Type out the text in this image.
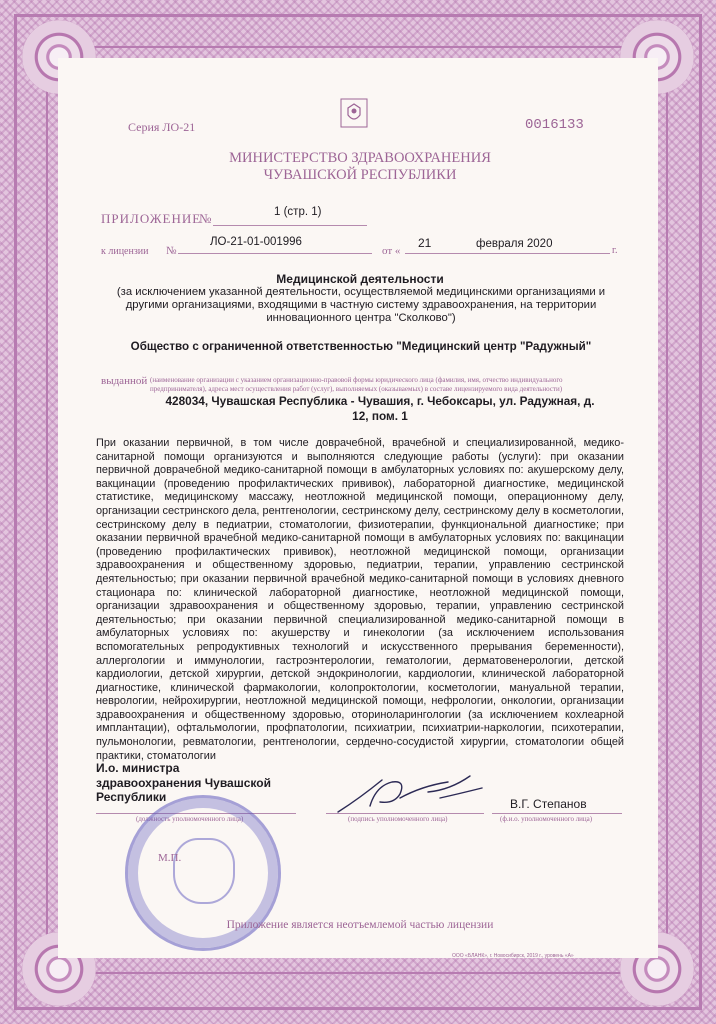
Серия ЛО-21	0016133
МИНИСТЕРСТВО ЗДРАВООХРАНЕНИЯ
ЧУВАШСКОЙ РЕСПУБЛИКИ
ПРИЛОЖЕНИЕ
№	1 (стр. 1)
к лицензии №
ЛО-21-01-001996
от «
21	февраля 2020
г.
Медицинской деятельности
(за исключением указанной деятельности, осуществляемой медицинскими организациями и другими организациями, входящими в частную систему здравоохранения, на территории инновационного центра "Сколково")
Общество с ограниченной ответственностью "Медицинский центр "Радужный"
выданной (наименование организации с указанием организационно-правовой формы юридического лица (фамилия, имя, отчество индивидуального предпринимателя), адреса мест осуществления работ (услуг), выполняемых (оказываемых) в составе лицензируемого вида деятельности)
428034, Чувашская Республика - Чувашия, г. Чебоксары, ул. Радужная, д. 12, пом. 1
При оказании первичной, в том числе доврачебной, врачебной и специализированной, медико-санитарной помощи организуются и выполняются следующие работы (услуги): при оказании первичной доврачебной медико-санитарной помощи в амбулаторных условиях по: акушерскому делу, вакцинации (проведению профилактических прививок), лабораторной диагностике, медицинской статистике, медицинскому массажу, неотложной медицинской помощи, операционному делу, организации сестринского дела, рентгенологии, сестринскому делу, сестринскому делу в косметологии, сестринскому делу в педиатрии, стоматологии, физиотерапии, функциональной диагностике; при оказании первичной врачебной медико-санитарной помощи в амбулаторных условиях по: вакцинации (проведению профилактических прививок), неотложной медицинской помощи, организации здравоохранения и общественному здоровью, педиатрии, терапии, управлению сестринской деятельностью; при оказании первичной врачебной медико-санитарной помощи в условиях дневного стационара по: клинической лабораторной диагностике, неотложной медицинской помощи, организации здравоохранения и общественному здоровью, терапии, управлению сестринской деятельностью; при оказании первичной специализированной медико-санитарной помощи в амбулаторных условиях по: акушерству и гинекологии (за исключением использования вспомогательных репродуктивных технологий и искусственного прерывания беременности), аллергологии и иммунологии, гастроэнтерологии, гематологии, дерматовенерологии, детской кардиологии, детской хирургии, детской эндокринологии, кардиологии, клинической лабораторной диагностике, клинической фармакологии, колопроктологии, косметологии, мануальной терапии, неврологии, нейрохирургии, неотложной медицинской помощи, нефрологии, онкологии, организации здравоохранения и общественному здоровью, оториноларингологии (за исключением кохлеарной имплантации), офтальмологии, профпатологии, психиатрии, психиатрии-наркологии, психотерапии, пульмонологии, ревматологии, рентгенологии, сердечно-сосудистой хирургии, стоматологии общей практики, стоматологии
И.о. министра
здравоохранения Чувашской
Республики
(должность уполномоченного лица)	(подпись уполномоченного лица)
В.Г. Степанов
(ф.и.о. уполномоченного лица)
М.П.
Приложение является неотъемлемой частью лицензии
ООО «БЛАНК», г. Новосибирск, 2019 г., уровень «А»
